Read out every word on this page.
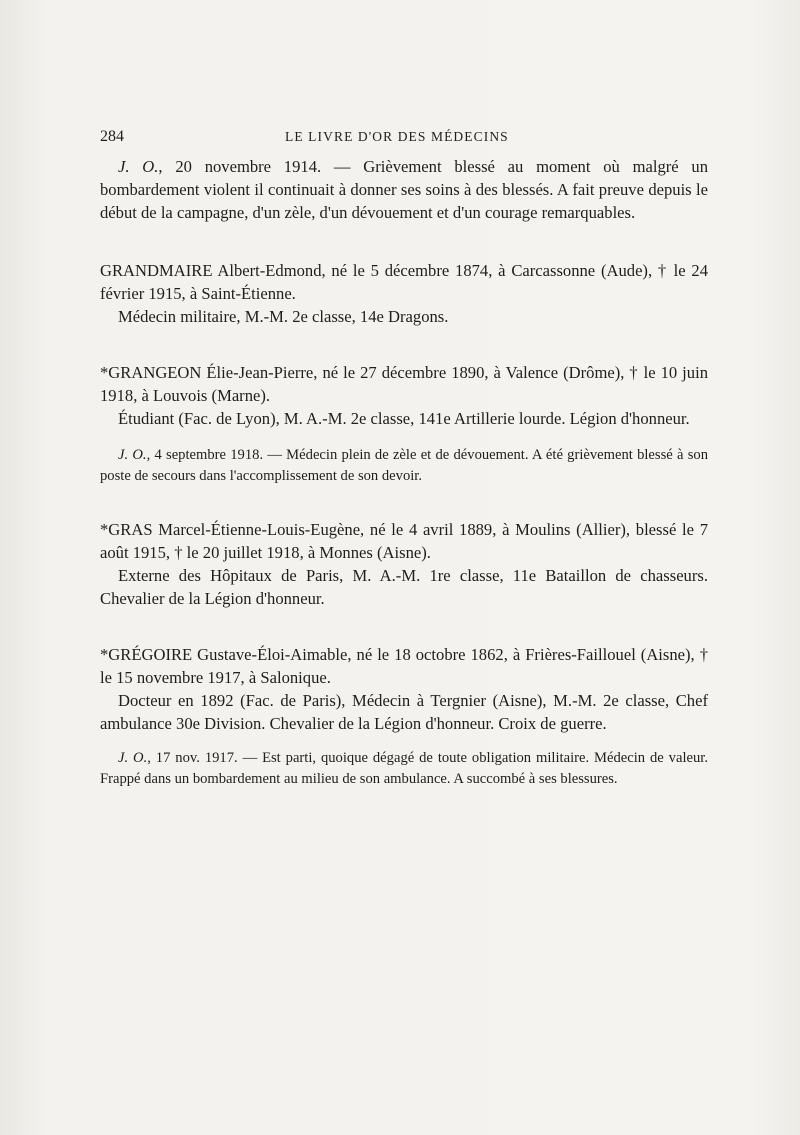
284	LE LIVRE D'OR DES MÉDECINS

J. O., 20 novembre 1914. — Grièvement blessé au moment où malgré un bombardement violent il continuait à donner ses soins à des blessés. A fait preuve depuis le début de la campagne, d'un zèle, d'un dévouement et d'un courage remarquables.

GRANDMAIRE Albert-Edmond, né le 5 décembre 1874, à Carcassonne (Aude), † le 24 février 1915, à Saint-Étienne.

Médecin militaire, M.-M. 2e classe, 14e Dragons.

*GRANGEON Élie-Jean-Pierre, né le 27 décembre 1890, à Valence (Drôme), † le 10 juin 1918, à Louvois (Marne).

Étudiant (Fac. de Lyon), M. A.-M. 2e classe, 141e Artillerie lourde. Légion d'honneur.

J. O., 4 septembre 1918. — Médecin plein de zèle et de dévouement. A été grièvement blessé à son poste de secours dans l'accomplissement de son devoir.

*GRAS Marcel-Étienne-Louis-Eugène, né le 4 avril 1889, à Moulins (Allier), blessé le 7 août 1915, † le 20 juillet 1918, à Monnes (Aisne).

Externe des Hôpitaux de Paris, M. A.-M. 1re classe, 11e Bataillon de chasseurs. Chevalier de la Légion d'honneur.

*GRÉGOIRE Gustave-Éloi-Aimable, né le 18 octobre 1862, à Frières-Faillouel (Aisne), † le 15 novembre 1917, à Salonique.

Docteur en 1892 (Fac. de Paris), Médecin à Tergnier (Aisne), M.-M. 2e classe, Chef ambulance 30e Division. Chevalier de la Légion d'honneur. Croix de guerre.

J. O., 17 nov. 1917. — Est parti, quoique dégagé de toute obligation militaire. Médecin de valeur. Frappé dans un bombardement au milieu de son ambulance. A succombé à ses blessures.
